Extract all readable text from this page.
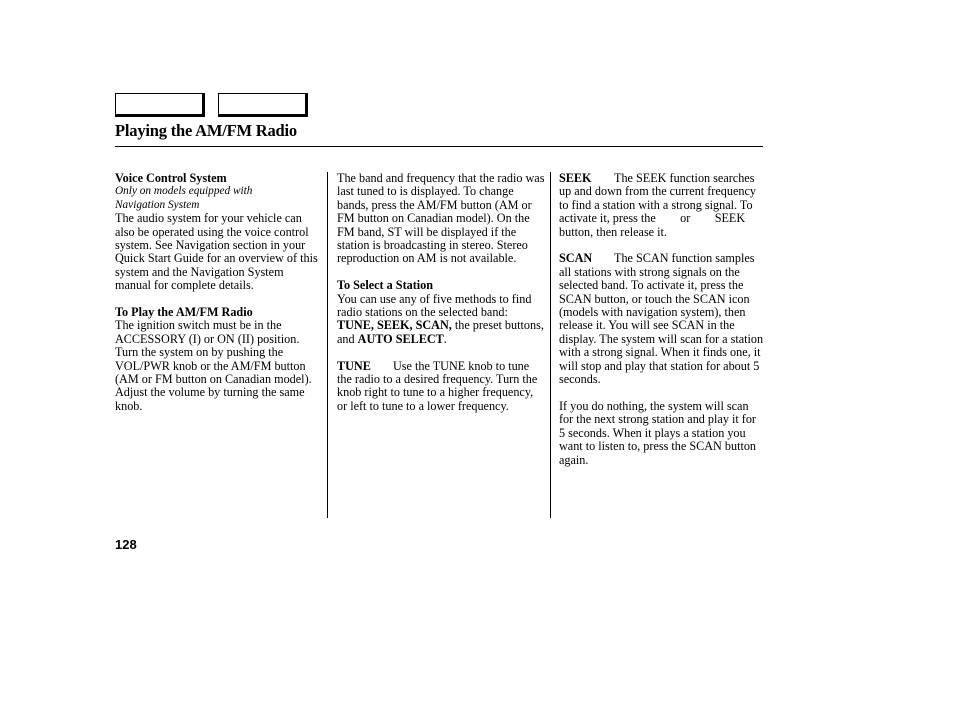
Playing the AM/FM Radio

Voice Control System

Only on models equipped with

Navigation System

The audio system for your vehicle can also be operated using the voice control system. See Navigation section in your Quick Start Guide for an overview of this system and the Navigation System manual for complete details.

To Play the AM/FM Radio

The ignition switch must be in the ACCESSORY (I) or ON (II) position. Turn the system on by pushing the VOL/PWR knob or the AM/FM button (AM or FM button on Canadian model). Adjust the volume by turning the same knob.

The band and frequency that the radio was last tuned to is displayed. To change bands, press the AM/FM button (AM or FM button on Canadian model). On the FM band, ST will be displayed if the station is broadcasting in stereo. Stereo reproduction on AM is not available.

To Select a Station

You can use any of five methods to find radio stations on the selected band: TUNE, SEEK, SCAN, the preset buttons, and AUTO SELECT.

TUNE Use the TUNE knob to tune the radio to a desired frequency. Turn the knob right to tune to a higher frequency, or left to tune to a lower frequency.

SEEK The SEEK function searches up and down from the current frequency to find a station with a strong signal. To activate it, press the or SEEK button, then release it.

SCAN The SCAN function samples all stations with strong signals on the selected band. To activate it, press the SCAN button, or touch the SCAN icon (models with navigation system), then release it. You will see SCAN in the display. The system will scan for a station with a strong signal. When it finds one, it will stop and play that station for about 5 seconds.

If you do nothing, the system will scan for the next strong station and play it for 5 seconds. When it plays a station you want to listen to, press the SCAN button again.

128
